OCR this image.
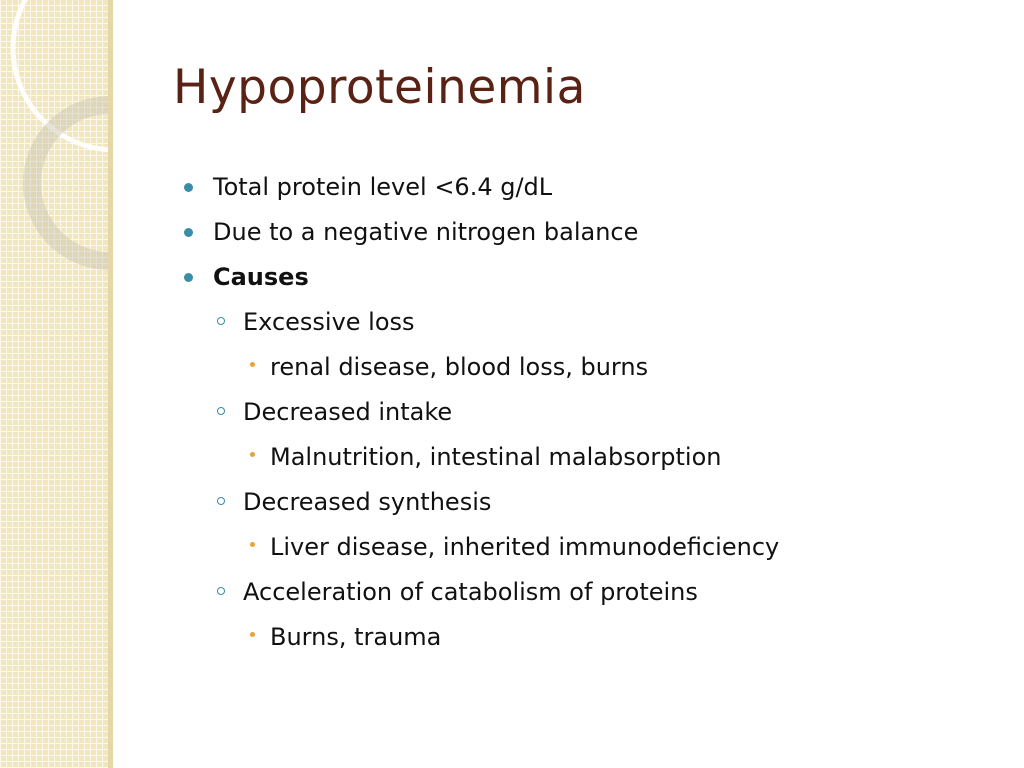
Hypoproteinemia
Total protein level <6.4 g/dL
Due to a negative nitrogen balance
Causes
Excessive loss
renal disease, blood loss, burns
Decreased intake
Malnutrition, intestinal malabsorption
Decreased synthesis
Liver disease, inherited immunodeficiency
Acceleration of catabolism of proteins
Burns, trauma
